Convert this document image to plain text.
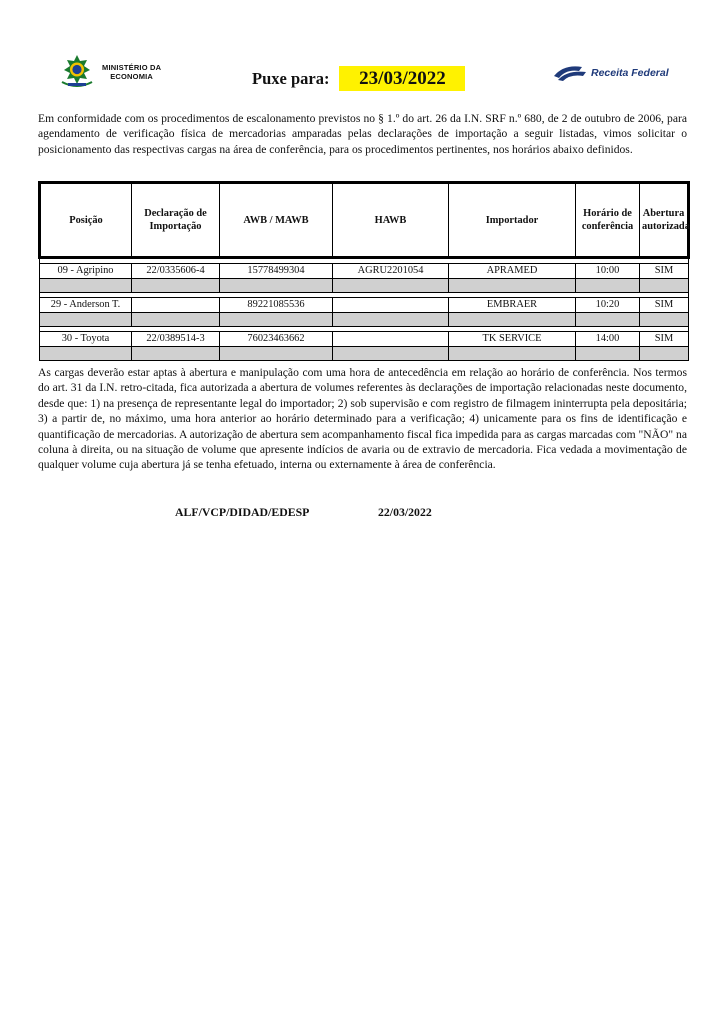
MINISTÉRIO DA
ECONOMIA	Puxe para:	23/03/2022	Receita Federal

Em conformidade com os procedimentos de escalonamento previstos no § 1.º do art. 26 da I.N. SRF n.º 680, de 2 de outubro de 2006, para agendamento de verificação física de mercadorias amparadas pelas declarações de importação a seguir listadas, vimos solicitar o posicionamento das respectivas cargas na área de conferência, para os procedimentos pertinentes, nos horários abaixo definidos.

Posição	Declaração de Importação	AWB / MAWB	HAWB	Importador	Horário de conferência	Abertura autorizada

09 - Agripino	22/0335606-4	15778499304	AGRU2201054	APRAMED	10:00	SIM

29 - Anderson T.		89221085536		EMBRAER	10:20	SIM

30 - Toyota	22/0389514-3	76023463662		TK SERVICE	14:00	SIM

As cargas deverão estar aptas à abertura e manipulação com uma hora de antecedência em relação ao horário de conferência. Nos termos do art. 31 da I.N. retro-citada, fica autorizada a abertura de volumes referentes às declarações de importação relacionadas neste documento, desde que: 1) na presença de representante legal do importador; 2) sob supervisão e com registro de filmagem ininterrupta pela depositária; 3) a partir de, no máximo, uma hora anterior ao horário determinado para a verificação; 4) unicamente para os fins de identificação e quantificação de mercadorias. A autorização de abertura sem acompanhamento fiscal fica impedida para as cargas marcadas com "NÃO" na coluna à direita, ou na situação de volume que apresente indícios de avaria ou de extravio de mercadoria. Fica vedada a movimentação de qualquer volume cuja abertura já se tenha efetuado, interna ou externamente à área de conferência.

ALF/VCP/DIDAD/EDESP	22/03/2022
